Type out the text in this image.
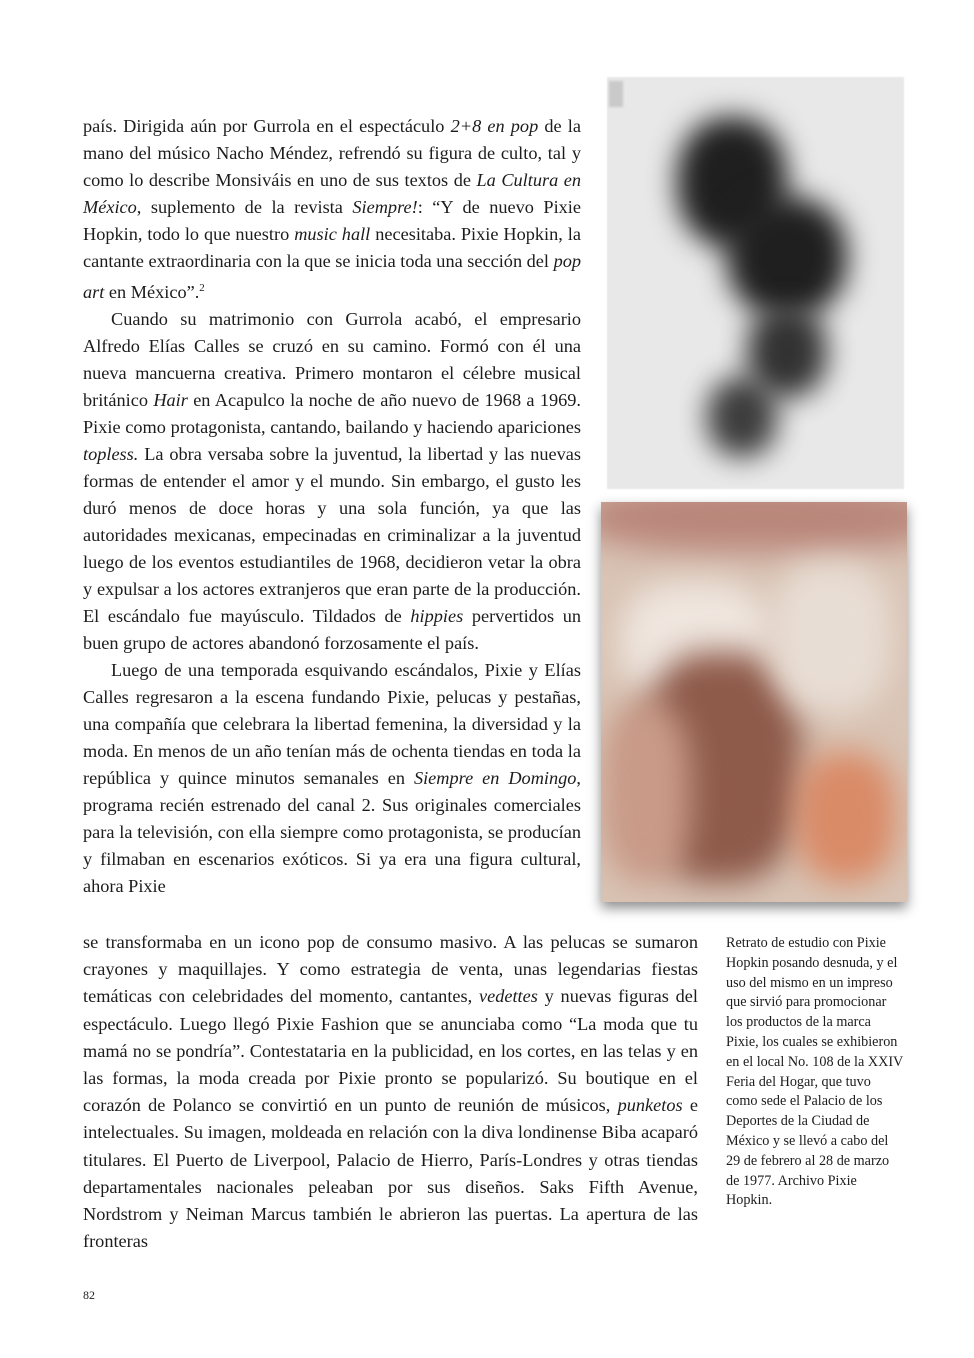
país. Dirigida aún por Gurrola en el espectáculo 2+8 en pop de la mano del músico Nacho Méndez, refrendó su figura de culto, tal y como lo describe Monsiváis en uno de sus textos de La Cultura en México, suplemento de la revista Siempre!: “Y de nuevo Pixie Hopkin, todo lo que nuestro music hall necesitaba. Pixie Hopkin, la cantante extraordinaria con la que se inicia toda una sección del pop art en México”.$^2$

Cuando su matrimonio con Gurrola acabó, el empresario Alfredo Elías Calles se cruzó en su camino. Formó con él una nueva mancuerna creativa. Primero montaron el célebre musical británico Hair en Acapulco la noche de año nuevo de 1968 a 1969. Pixie como protagonista, cantando, bailando y haciendo apariciones topless. La obra versaba sobre la juventud, la libertad y las nuevas formas de entender el amor y el mundo. Sin embargo, el gusto les duró menos de doce horas y una sola función, ya que las autoridades mexicanas, empecinadas en criminalizar a la juventud luego de los eventos estudiantiles de 1968, decidieron vetar la obra y expulsar a los actores extranjeros que eran parte de la producción. El escándalo fue mayúsculo. Tildados de hippies pervertidos un buen grupo de actores abandonó forzosamente el país.

Luego de una temporada esquivando escándalos, Pixie y Elías Calles regresaron a la escena fundando Pixie, pelucas y pestañas, una compañía que celebrara la libertad femenina, la diversidad y la moda. En menos de un año tenían más de ochenta tiendas en toda la república y quince minutos semanales en Siempre en Domingo, programa recién estrenado del canal 2. Sus originales comerciales para la televisión, con ella siempre como protagonista, se producían y filmaban en escenarios exóticos. Si ya era una figura cultural, ahora Pixie

se transformaba en un icono pop de consumo masivo. A las pelucas se sumaron crayones y maquillajes. Y como estrategia de venta, unas legendarias fiestas temáticas con celebridades del momento, cantantes, vedettes y nuevas figuras del espectáculo. Luego llegó Pixie Fashion que se anunciaba como “La moda que tu mamá no se pondría”. Contestataria en la publicidad, en los cortes, en las telas y en las formas, la moda creada por Pixie pronto se popularizó. Su boutique en el corazón de Polanco se convirtió en un punto de reunión de músicos, punketos e intelectuales. Su imagen, moldeada en relación con la diva londinense Biba acaparó titulares. El Puerto de Liverpool, Palacio de Hierro, París-Londres y otras tiendas departamentales nacionales peleaban por sus diseños. Saks Fifth Avenue, Nordstrom y Neiman Marcus también le abrieron las puertas. La apertura de las fronteras

Retrato de estudio con Pixie Hopkin posando desnuda, y el uso del mismo en un impreso que sirvió para promocionar los productos de la marca Pixie, los cuales se exhibieron en el local No. 108 de la XXIV Feria del Hogar, que tuvo como sede el Palacio de los Deportes de la Ciudad de México y se llevó a cabo del 29 de febrero al 28 de marzo de 1977. Archivo Pixie Hopkin.
82
